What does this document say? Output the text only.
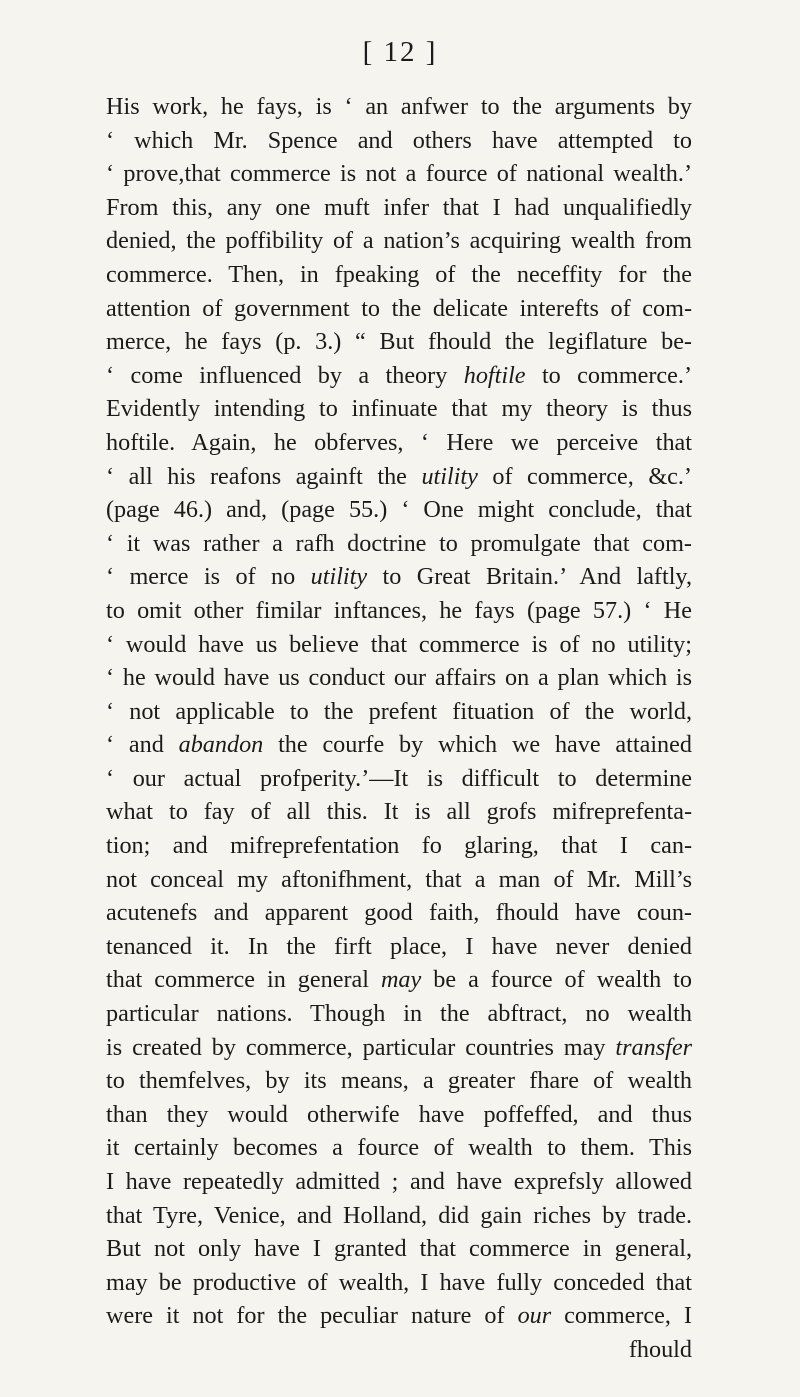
[ 12 ]
His work, he fays, is ‘ an anfwer to the arguments by
‘ which Mr. Spence and others have attempted to
‘ prove,that commerce is not a fource of national wealth.’
From this, any one muft infer that I had unqualifiedly
denied, the poffibility of a nation’s acquiring wealth from
commerce. Then, in fpeaking of the neceffity for the
attention of government to the delicate interefts of com-
merce, he fays (p. 3.) “ But fhould the legiflature be-
‘ come influenced by a theory hoftile to commerce.’
Evidently intending to infinuate that my theory is thus
hoftile. Again, he obferves, ‘ Here we perceive that
‘ all his reafons againft the utility of commerce, &c.’
(page 46.) and, (page 55.) ‘ One might conclude, that
‘ it was rather a rafh doctrine to promulgate that com-
‘ merce is of no utility to Great Britain.’ And laftly,
to omit other fimilar inftances, he fays (page 57.) ‘ He
‘ would have us believe that commerce is of no utility;
‘ he would have us conduct our affairs on a plan which is
‘ not applicable to the prefent fituation of the world,
‘ and abandon the courfe by which we have attained
‘ our actual profperity.’—It is difficult to determine
what to fay of all this. It is all grofs mifreprefenta-
tion; and mifreprefentation fo glaring, that I can-
not conceal my aftonifhment, that a man of Mr. Mill’s
acutenefs and apparent good faith, fhould have coun-
tenanced it. In the firft place, I have never denied
that commerce in general may be a fource of wealth to
particular nations. Though in the abftract, no wealth
is created by commerce, particular countries may transfer
to themfelves, by its means, a greater fhare of wealth
than they would otherwife have poffeffed, and thus
it certainly becomes a fource of wealth to them. This
I have repeatedly admitted ; and have exprefsly allowed
that Tyre, Venice, and Holland, did gain riches by trade.
But not only have I granted that commerce in general,
may be productive of wealth, I have fully conceded that
were it not for the peculiar nature of our commerce, I
fhould
